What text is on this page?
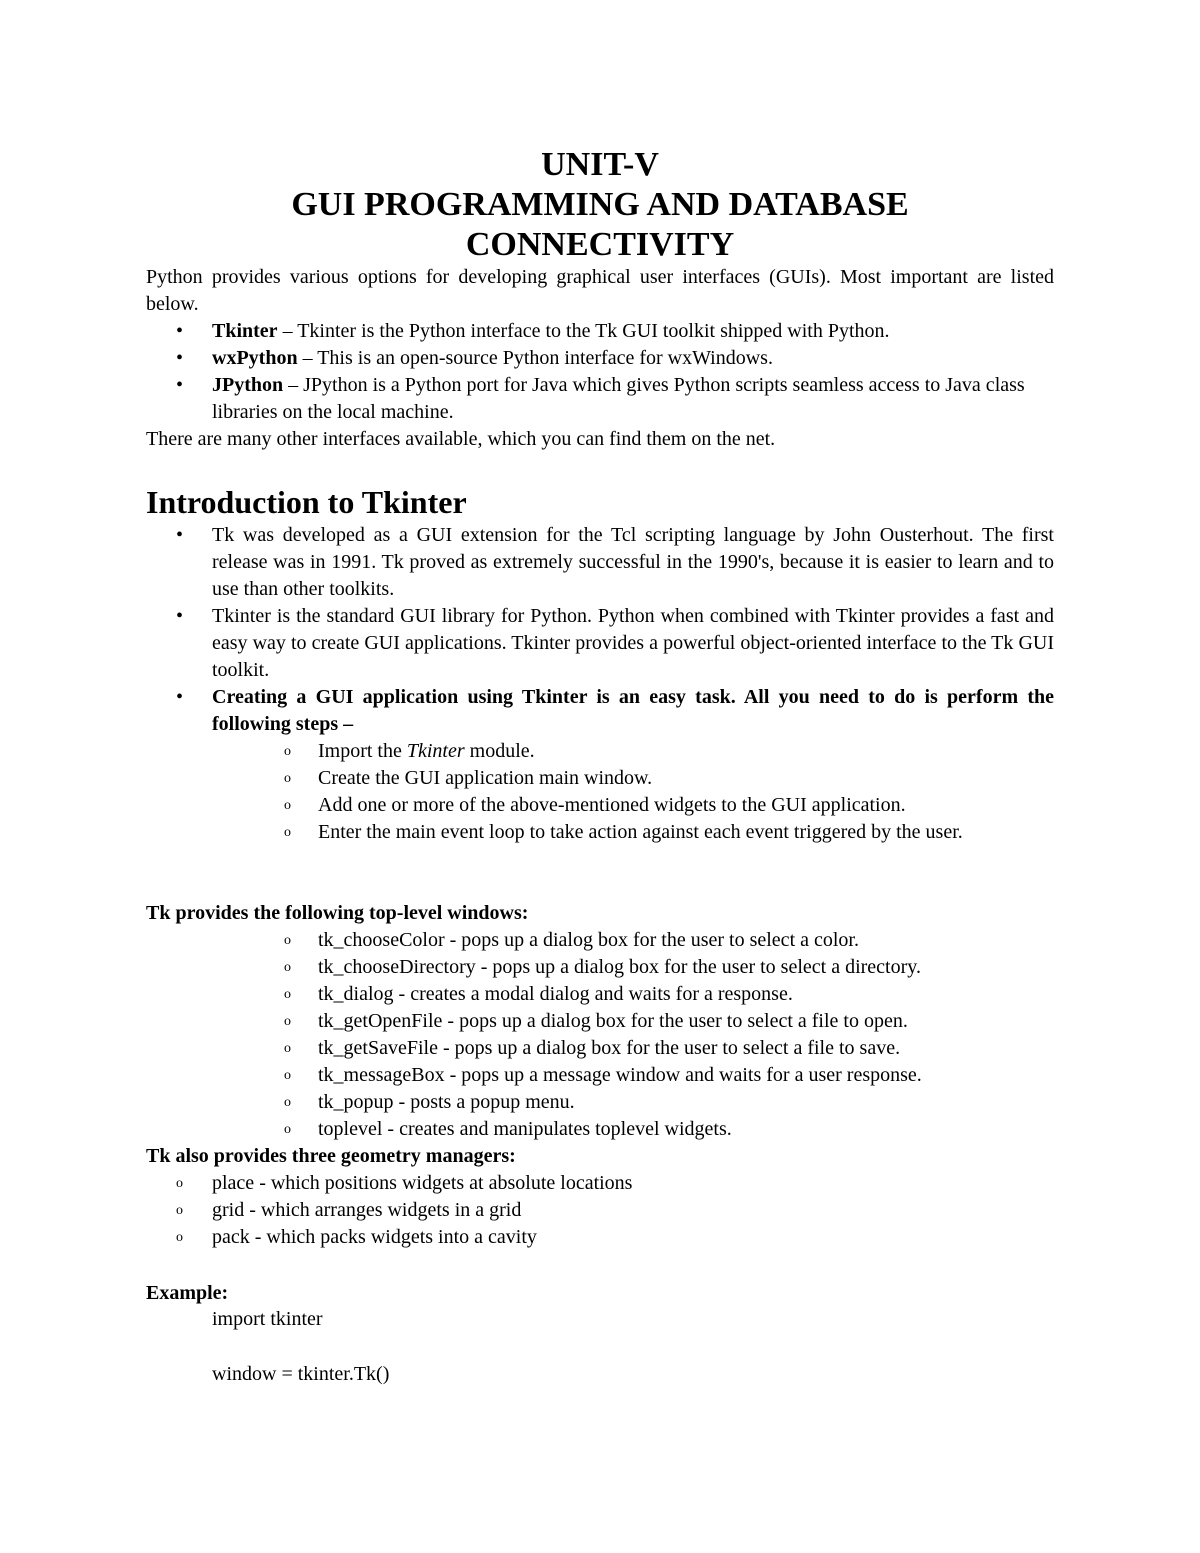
UNIT-V
GUI PROGRAMMING AND DATABASE
CONNECTIVITY
Python provides various options for developing graphical user interfaces (GUIs). Most important are listed below.
• Tkinter – Tkinter is the Python interface to the Tk GUI toolkit shipped with Python.
• wxPython – This is an open-source Python interface for wxWindows.
• JPython – JPython is a Python port for Java which gives Python scripts seamless access to Java class libraries on the local machine.
There are many other interfaces available, which you can find them on the net.
Introduction to Tkinter
• Tk was developed as a GUI extension for the Tcl scripting language by John Ousterhout. The first release was in 1991. Tk proved as extremely successful in the 1990's, because it is easier to learn and to use than other toolkits.
• Tkinter is the standard GUI library for Python. Python when combined with Tkinter provides a fast and easy way to create GUI applications. Tkinter provides a powerful object-oriented interface to the Tk GUI toolkit.
• Creating a GUI application using Tkinter is an easy task. All you need to do is perform the following steps –
o Import the Tkinter module.
o Create the GUI application main window.
o Add one or more of the above-mentioned widgets to the GUI application.
o Enter the main event loop to take action against each event triggered by the user.
Tk provides the following top-level windows:
o tk_chooseColor - pops up a dialog box for the user to select a color.
o tk_chooseDirectory - pops up a dialog box for the user to select a directory.
o tk_dialog - creates a modal dialog and waits for a response.
o tk_getOpenFile - pops up a dialog box for the user to select a file to open.
o tk_getSaveFile - pops up a dialog box for the user to select a file to save.
o tk_messageBox - pops up a message window and waits for a user response.
o tk_popup - posts a popup menu.
o toplevel - creates and manipulates toplevel widgets.
Tk also provides three geometry managers:
o place - which positions widgets at absolute locations
o grid - which arranges widgets in a grid
o pack - which packs widgets into a cavity
Example:
import tkinter
window = tkinter.Tk()
